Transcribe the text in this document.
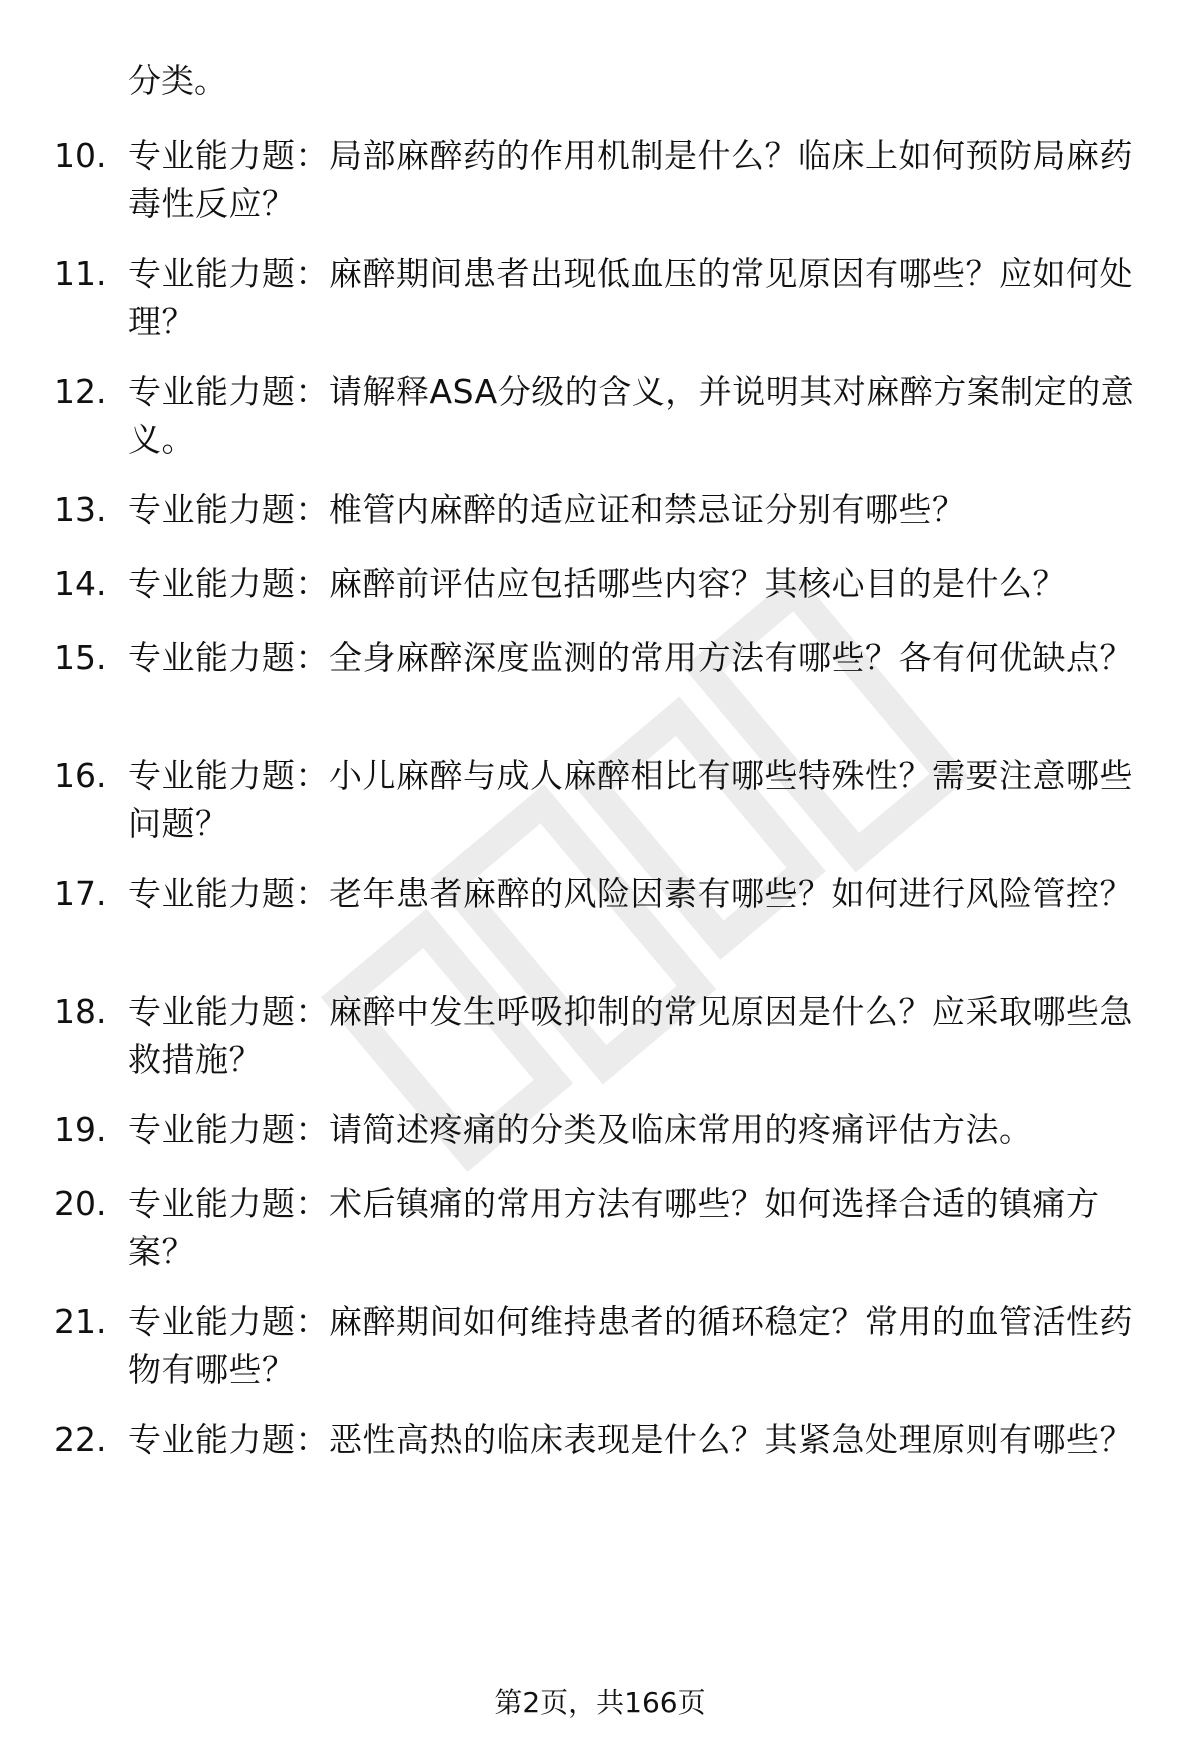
分类。
10. 专业能力题：局部麻醉药的作用机制是什么？临床上如何预防局麻药毒性反应？
11. 专业能力题：麻醉期间患者出现低血压的常见原因有哪些？应如何处理？
12. 专业能力题：请解释ASA分级的含义，并说明其对麻醉方案制定的意义。
13. 专业能力题：椎管内麻醉的适应证和禁忌证分别有哪些？
14. 专业能力题：麻醉前评估应包括哪些内容？其核心目的是什么？
15. 专业能力题：全身麻醉深度监测的常用方法有哪些？各有何优缺点？
16. 专业能力题：小儿麻醉与成人麻醉相比有哪些特殊性？需要注意哪些问题？
17. 专业能力题：老年患者麻醉的风险因素有哪些？如何进行风险管控？
18. 专业能力题：麻醉中发生呼吸抑制的常见原因是什么？应采取哪些急救措施？
19. 专业能力题：请简述疼痛的分类及临床常用的疼痛评估方法。
20. 专业能力题：术后镇痛的常用方法有哪些？如何选择合适的镇痛方案？
21. 专业能力题：麻醉期间如何维持患者的循环稳定？常用的血管活性药物有哪些？
22. 专业能力题：恶性高热的临床表现是什么？其紧急处理原则有哪些？
第2页，共166页
